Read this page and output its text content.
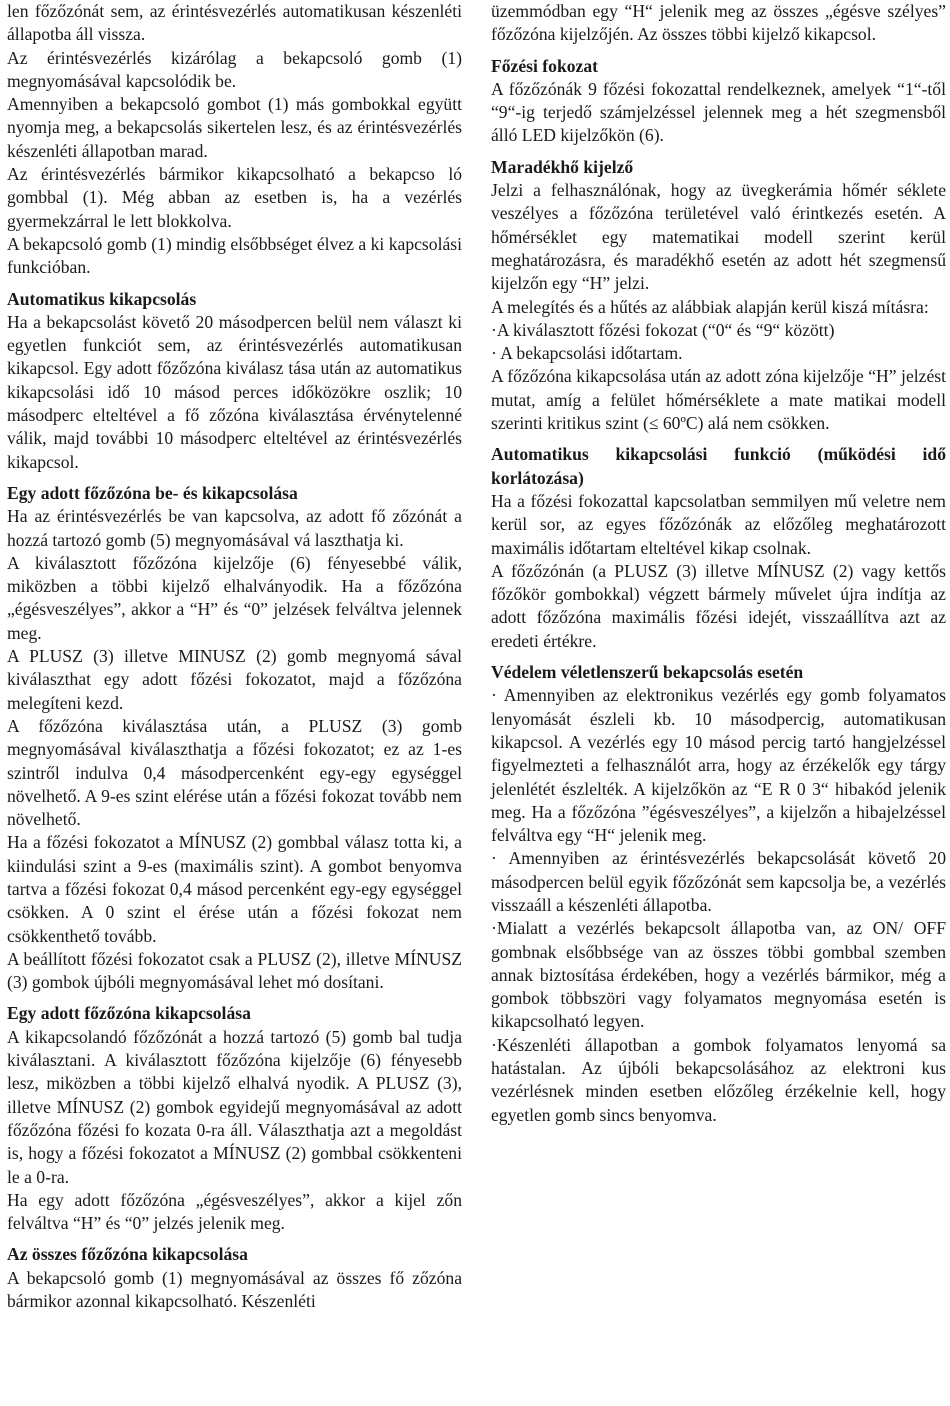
len főzőzónát sem, az érintésvezérlés automatikusan készenléti állapotba áll vissza.

Az érintésvezérlés kizárólag a bekapcsoló gomb (1) megnyomásával kapcsolódik be.

Amennyiben a bekapcsoló gombot (1) más gombokkal együtt nyomja meg, a bekapcsolás sikertelen lesz, és az érintésvezérlés készenléti állapotban marad.

Az érintésvezérlés bármikor kikapcsolható a bekapcso ló gombbal (1). Még abban az esetben is, ha a vezérlés gyermekzárral le lett blokkolva.

A bekapcsoló gomb (1) mindig elsőbbséget élvez a ki kapcsolási funkcióban.

Automatikus kikapcsolás

Ha a bekapcsolást követő 20 másodpercen belül nem választ ki egyetlen funkciót sem, az érintésvezérlés automatikusan kikapcsol. Egy adott főzőzóna kiválasz tása után az automatikus kikapcsolási idő 10 másod perces időközökre oszlik; 10 másodperc elteltével a fő zőzóna kiválasztása érvénytelenné válik, majd további 10 másodperc elteltével az érintésvezérlés kikapcsol.

Egy adott főzőzóna be- és kikapcsolása

Ha az érintésvezérlés be van kapcsolva, az adott fő zőzónát a hozzá tartozó gomb (5) megnyomásával vá laszthatja ki.

A kiválasztott főzőzóna kijelzője (6) fényesebbé válik, miközben a többi kijelző elhalványodik. Ha a főzőzóna „égésveszélyes”, akkor a “H” és “0” jelzések felváltva jelennek meg.

A PLUSZ (3) illetve MINUSZ (2) gomb megnyomá sával kiválaszthat egy adott főzési fokozatot, majd a főzőzóna melegíteni kezd.

A főzőzóna kiválasztása után, a PLUSZ (3) gomb megnyomásával kiválaszthatja a főzési fokozatot; ez az 1-es szintről indulva 0,4 másodpercenként egy-egy egységgel növelhető. A 9-es szint elérése után a főzési fokozat tovább nem növelhető.

Ha a főzési fokozatot a MÍNUSZ (2) gombbal válasz totta ki, a kiindulási szint a 9-es (maximális szint). A gombot benyomva tartva a főzési fokozat 0,4 másod percenként egy-egy egységgel csökken. A 0 szint el érése után a főzési fokozat nem csökkenthető tovább.

A beállított főzési fokozatot csak a PLUSZ (2), illetve MÍNUSZ (3) gombok újbóli megnyomásával lehet mó dosítani.

Egy adott főzőzóna kikapcsolása

A kikapcsolandó főzőzónát a hozzá tartozó (5) gomb bal tudja kiválasztani. A kiválasztott főzőzóna kijelzője (6) fényesebb lesz, miközben a többi kijelző elhalvá nyodik. A PLUSZ (3), illetve MÍNUSZ (2) gombok egyidejű megnyomásával az adott főzőzóna főzési fo kozata 0-ra áll. Választhatja azt a megoldást is, hogy a főzési fokozatot a MÍNUSZ (2) gombbal csökkenteni le a 0-ra.

Ha egy adott főzőzóna „égésveszélyes”, akkor a kijel zőn felváltva “H” és “0” jelzés jelenik meg.

Az összes főzőzóna kikapcsolása

A bekapcsoló gomb (1) megnyomásával az összes fő zőzóna bármikor azonnal kikapcsolható. Készenléti

üzemmódban egy “H“ jelenik meg az összes „égésve szélyes” főzőzóna kijelzőjén. Az összes többi kijelző kikapcsol.

Főzési fokozat

A főzőzónák 9 főzési fokozattal rendelkeznek, amelyek “1“-től “9“-ig terjedő számjelzéssel jelennek meg a hét szegmensből álló LED kijelzőkön (6).

Maradékhő kijelző

Jelzi a felhasználónak, hogy az üvegkerámia hőmér séklete veszélyes a főzőzóna területével való érintkezés esetén. A hőmérséklet egy matematikai modell szerint kerül meghatározásra, és maradékhő esetén az adott hét szegmensű kijelzőn egy “H” jelzi.

A melegítés és a hűtés az alábbiak alapján kerül kiszá mításra:

·A kiválasztott főzési fokozat (“0“ és “9“ között)

· A bekapcsolási időtartam.

A főzőzóna kikapcsolása után az adott zóna kijelzője “H” jelzést mutat, amíg a felület hőmérséklete a mate matikai modell szerinti kritikus szint (≤ 60ºC) alá nem csökken.

Automatikus kikapcsolási funkció (működési idő korlátozása)

Ha a főzési fokozattal kapcsolatban semmilyen mű veletre nem kerül sor, az egyes főzőzónák az előzőleg meghatározott maximális időtartam elteltével kikap csolnak.

A főzőzónán (a PLUSZ (3) illetve MÍNUSZ (2) vagy kettős főzőkör gombokkal) végzett bármely művelet újra indítja az adott főzőzóna maximális főzési idejét, visszaállítva azt az eredeti értékre.

Védelem véletlenszerű bekapcsolás esetén

· Amennyiben az elektronikus vezérlés egy gomb folyamatos lenyomását észleli kb. 10 másodpercig, automatikusan kikapcsol. A vezérlés egy 10 másod percig tartó hangjelzéssel figyelmezteti a felhasználót arra, hogy az érzékelők egy tárgy jelenlétét észlelték. A kijelzőkön az “E R 0 3“ hibakód jelenik meg. Ha a főzőzóna ”égésveszélyes”, a kijelzőn a hibajelzéssel felváltva egy “H“ jelenik meg.

· Amennyiben az érintésvezérlés bekapcsolását követő 20 másodpercen belül egyik főzőzónát sem kapcsolja be, a vezérlés visszaáll a készenléti állapotba.

·Mialatt a vezérlés bekapcsolt állapotba van, az ON/ OFF gombnak elsőbbsége van az összes többi gombbal szemben annak biztosítása érdekében, hogy a vezérlés bármikor, még a gombok többszöri vagy folyamatos megnyomása esetén is kikapcsolható legyen.

·Készenléti állapotban a gombok folyamatos lenyomá sa hatástalan. Az újbóli bekapcsolásához az elektroni kus vezérlésnek minden esetben előzőleg érzékelnie kell, hogy egyetlen gomb sincs benyomva.
